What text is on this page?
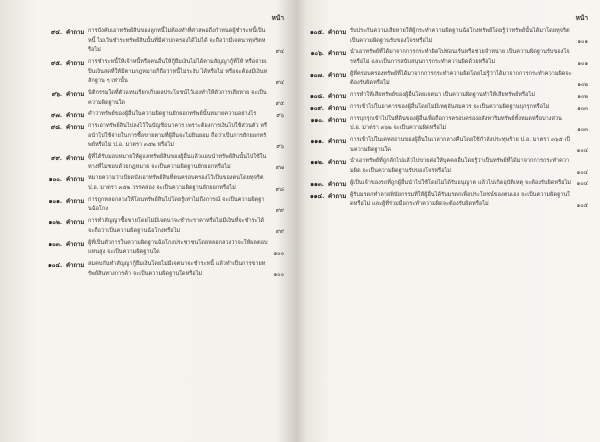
หน้า
๙๔. คำถาม การบังคับเอาทรัพย์สินของลูกหนี้ไม่ต้องทำที่ศาลพอถึงกำหนดผู้ชำระหนี้เป็นหนี้ ไม่เว้นชำระทรัพย์สินนั้นที่มีค่าปกครองได้ไม่ได้ จะถือว่ามีเจตนาทุจริตหรือไม่	๙๔
๙๕. คำถาม การชำระหนี้ให้เจ้าหนี้หรือคนอื่นให้กู้ยืมเงินไม่ได้ตามสัญญากู้ที่ให้ หรือจ่ายเป็นเงินสดที่ให้มีตามกฎหมายก็ถือว่าหนี้ไม่ระงับ ได้หรือไม่ หรือจะต้องมีเงินหลักฐาน ๆ เท่านั้น	๙๔
๙๖. คำถาม นิติกรรมใดที่ตัวแทนเรียกเก็บผลประโยชน์ไว้เองทำให้ตัวการเสียหาย จะเป็นความผิดฐานใด	๙๕
๙๗. คำถาม คำว่าทรัพย์ของผู้อื่นในความผิดฐานยักยอกทรัพย์นั้นหมายความอย่างไร	๙๖
๙๘. คำถาม การเอาทรัพย์สินไปลงไว้ในบัญชีธนาคาร เพราะต้องการเงินไปใช้ส่วนตัว หรือนำไปใช้จ่ายในการซื้อขายตามที่ผู้อื่นจะไม่ยินยอม ถือว่าเป็นการยักยอกทรัพย์หรือไม่ ป.อ. มาตรา ๓๕๒ หรือไม่	๙๖
๙๙. คำถาม ผู้ที่ได้รับมอบหมายให้ดูแลทรัพย์สินของผู้อื่นแล้วแอบนำทรัพย์สินนั้นไปใช้ในทางที่ไม่ชอบด้วยกฎหมาย จะเป็นความผิดฐานยักยอกหรือไม่	๙๗
๑๐๐. คำถาม หมายความว่าเบียดบังเอาทรัพย์สินที่ตนครอบครองไว้เป็นของตนโดยทุจริต ป.อ. มาตรา ๓๕๒ วรรคสอง จะเป็นความผิดฐานยักยอกหรือไม่	๙๘
๑๐๑. คำถาม การถูกหลอกลวงให้โอนทรัพย์สินไปโดยรู้เท่าไม่ถึงการณ์ จะเป็นความผิดฐานฉ้อโกง	๙๙
๑๐๒. คำถาม การทำสัญญาซื้อขายโดยไม่มีเจตนาจะชำระราคาหรือไม่มีเงินที่จะชำระได้ จะถือว่าเป็นความผิดฐานฉ้อโกงหรือไม่	๙๙
๑๐๓. คำถาม ผู้ที่เป็นตัวการในความผิดฐานฉ้อโกงประชาชนโดยหลอกลวงว่าจะให้ผลตอบแทนสูง จะเป็นความผิดฐานใด	๑๐๐
๑๐๔. คำถาม สมคบกันทำสัญญากู้ยืมเงินโดยไม่มีเจตนาจะชำระหนี้ แล้วทำเป็นการขายทรัพย์สินทางการค้า จะเป็นความผิดฐานใดหรือไม่	๑๐๐
หน้า
๑๐๕. คำถาม รับประกันความเสียหายให้ผู้กระทำความผิดฐานฉ้อโกงทรัพย์โดยรู้ว่าทรัพย์นั้นได้มาโดยทุจริต เป็นความผิดฐานรับของโจรหรือไม่	๑๐๑
๑๐๖. คำถาม นำเอาทรัพย์ที่ได้มาจากการกระทำผิดไปซ่อนเร้นหรือช่วยจำหน่าย เป็นความผิดฐานรับของโจรหรือไม่ และเป็นการสนับสนุนการกระทำความผิดด้วยหรือไม่	๑๐๑
๑๐๗. คำถาม ผู้ที่ครอบครองทรัพย์ที่ได้มาจากการกระทำความผิดโดยไม่รู้ว่าได้มาจากการกระทำความผิดจะต้องรับผิดหรือไม่	๑๐๒
๑๐๘. คำถาม การทำให้เสียทรัพย์ของผู้อื่นโดยเจตนา เป็นความผิดฐานทำให้เสียทรัพย์หรือไม่	๑๐๒
๑๐๙. คำถาม การเข้าไปในอาคารของผู้อื่นโดยไม่มีเหตุอันสมควร จะเป็นความผิดฐานบุกรุกหรือไม่	๑๐๓
๑๑๐. คำถาม การบุกรุกเข้าไปในที่ดินของผู้อื่นเพื่อถือการครอบครองอสังหาริมทรัพย์ทั้งหมดหรือบางส่วน ป.อ. มาตรา ๓๖๒ จะเป็นความผิดหรือไม่	๑๐๓
๑๑๑. คำถาม การเข้าไปในเคหสถานของผู้อื่นในเวลากลางคืนโดยใช้กำลังประทุษร้าย ป.อ. มาตรา ๓๖๕ เป็นความผิดฐานใด	๑๐๔
๑๑๒. คำถาม นำเอาทรัพย์ที่ถูกลักไปแล้วไปขายต่อให้บุคคลอื่นโดยรู้ว่าเป็นทรัพย์ที่ได้มาจากการกระทำความผิด จะเป็นความผิดฐานรับของโจรหรือไม่	๑๐๔
๑๑๓. คำถาม ผู้เป็นเจ้าของรถที่ถูกผู้อื่นนำไปใช้โดยไม่ได้รับอนุญาต แล้วไปเกิดอุบัติเหตุ จะต้องรับผิดหรือไม่ ๑๐๔
๑๑๔. คำถาม ผู้รับมรดกทำลายพินัยกรรมที่ให้ผู้อื่นได้รับมรดกเพื่อประโยชน์ของตนเอง จะเป็นความผิดฐานใดหรือไม่ และผู้ที่ร่วมมือกระทำความผิดจะต้องรับผิดหรือไม่	๑๐๕
